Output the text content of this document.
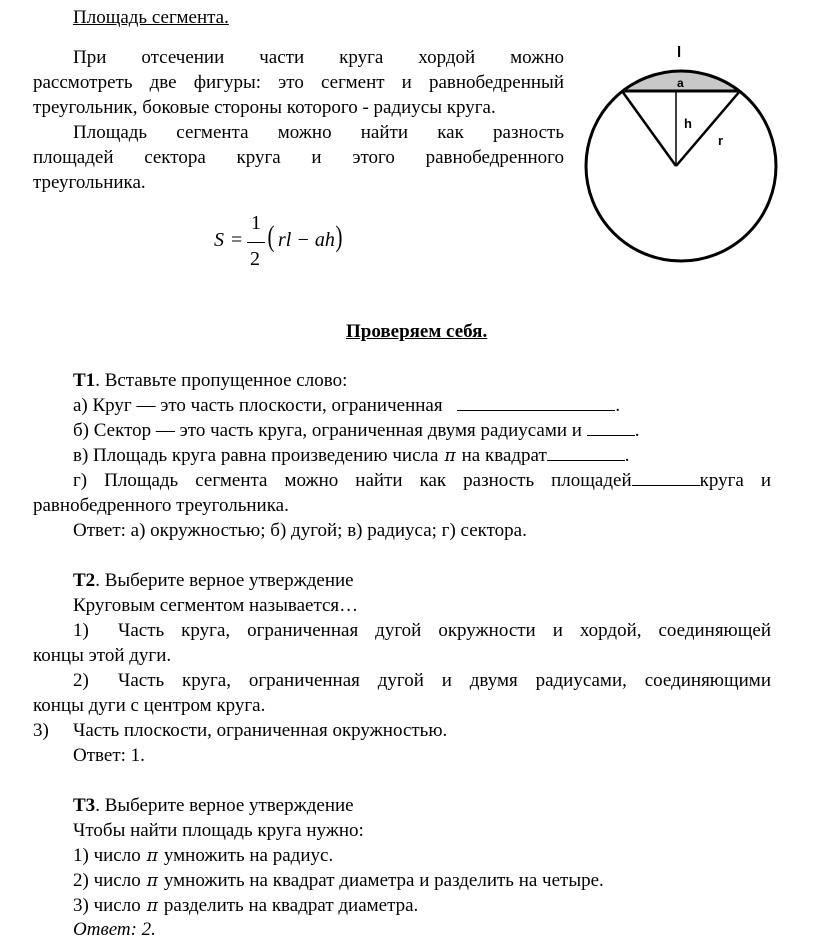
Площадь сегмента.
При отсечении части круга хордой можно
рассмотреть две фигуры: это сегмент и равнобедренный
треугольник, боковые стороны которого - радиусы круга.
Площадь сегмента можно найти как разность
площадей сектора круга и этого равнобедренного
треугольника.
S =
1
2
( rl − ah )
l
a
h
r
Проверяем себя.
Т1. Вставьте пропущенное слово:
а) Круг — это часть плоскости, ограниченная	.
б) Сектор — это часть круга, ограниченная двумя радиусами и	.
в) Площадь круга равна произведению числа π на квадрат	.
г) Площадь сегмента можно найти как разность площадей	круга и
равнобедренного треугольника.
Ответ: а) окружностью; б) дугой; в) радиуса; г) сектора.
Т2. Выберите верное утверждение
Круговым сегментом называется…
1) Часть круга, ограниченная дугой окружности и хордой, соединяющей
концы этой дуги.
2) Часть круга, ограниченная дугой и двумя радиусами, соединяющими
концы дуги с центром круга.
3) Часть плоскости, ограниченная окружностью.
Ответ: 1.
Т3. Выберите верное утверждение
Чтобы найти площадь круга нужно:
1) число π умножить на радиус.
2) число π умножить на квадрат диаметра и разделить на четыре.
3) число π разделить на квадрат диаметра.
Ответ: 2.
